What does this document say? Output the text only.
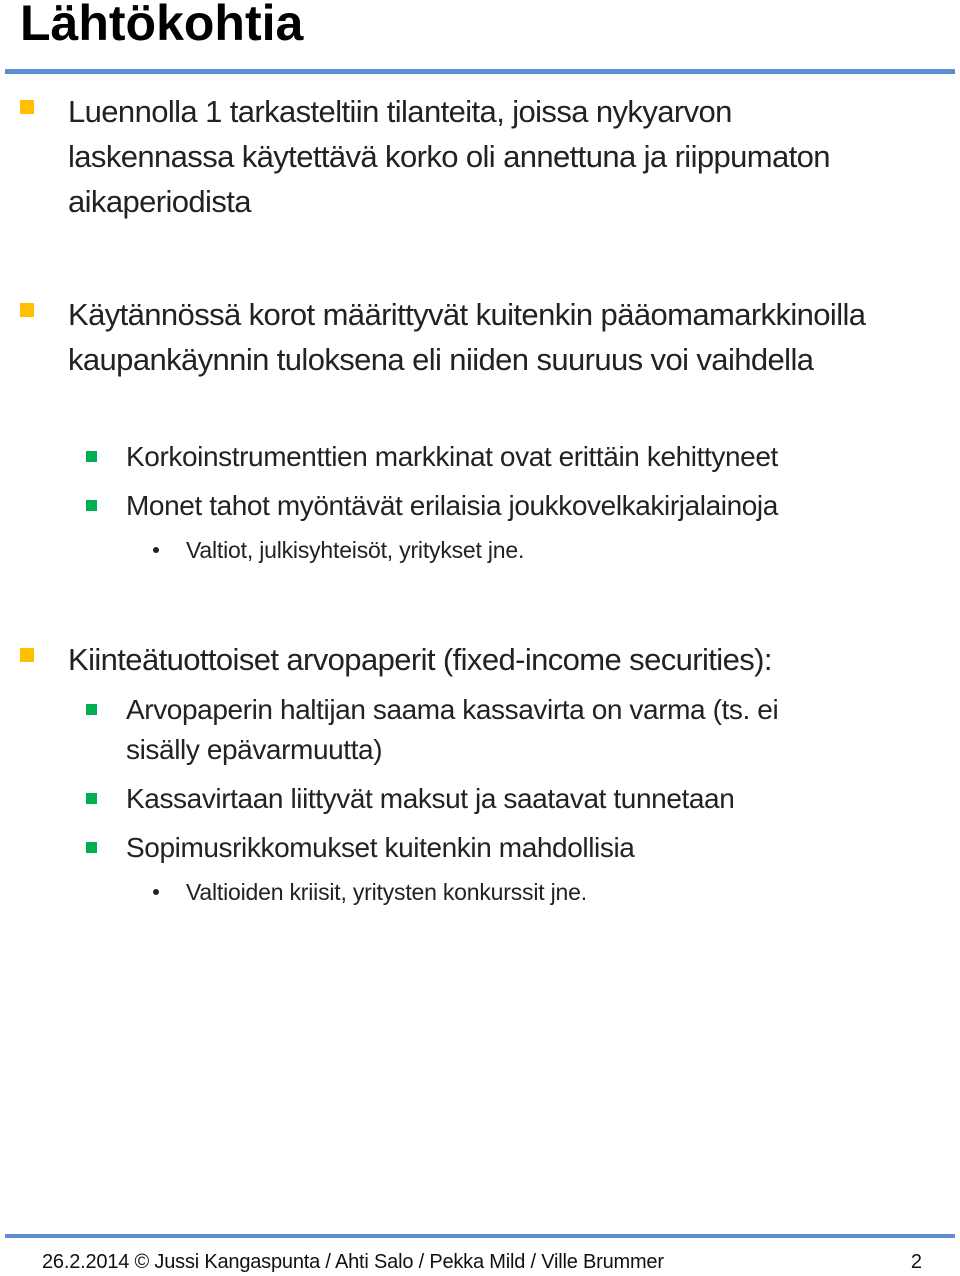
Lähtökohtia
Luennolla 1 tarkasteltiin tilanteita, joissa nykyarvon laskennassa käytettävä korko oli annettuna ja riippumaton aikaperiodista
Käytännössä korot määrittyvät kuitenkin pääomamarkkinoilla kaupankäynnin tuloksena eli niiden suuruus voi vaihdella
Korkoinstrumenttien markkinat ovat erittäin kehittyneet
Monet tahot myöntävät erilaisia joukkovelkakirjalainoja
Valtiot, julkisyhteisöt, yritykset jne.
Kiinteätuottoiset arvopaperit (fixed-income securities):
Arvopaperin haltijan saama kassavirta on varma (ts. ei sisälly epävarmuutta)
Kassavirtaan liittyvät maksut ja saatavat tunnetaan
Sopimusrikkomukset kuitenkin mahdollisia
Valtioiden kriisit, yritysten konkurssit jne.
26.2.2014 © Jussi Kangaspunta / Ahti Salo / Pekka Mild / Ville Brummer	2
